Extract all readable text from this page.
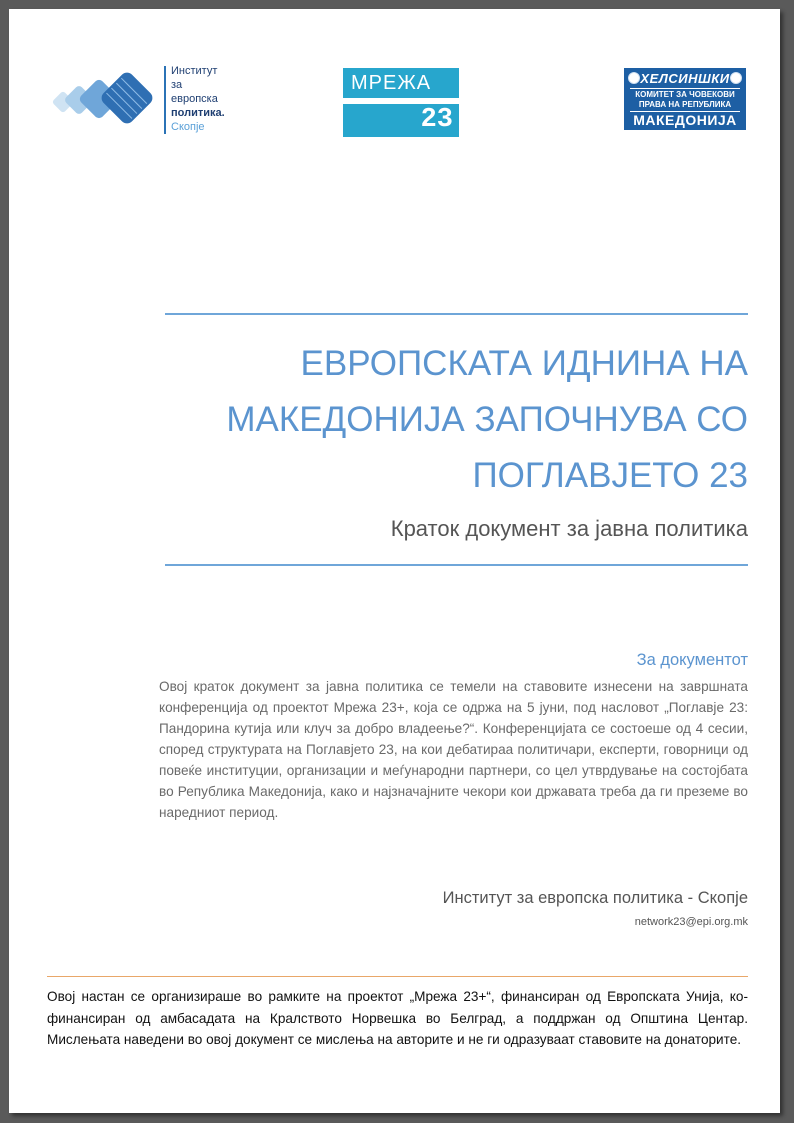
Институт
за
европска
политика.
Скопје
МРЕЖА
23
ХЕЛСИНШКИ
КОМИТЕТ ЗА ЧОВЕКОВИ
ПРАВА НА РЕПУБЛИКА
МАКЕДОНИЈА
ЕВРОПСКАТА ИДНИНА НА
МАКЕДОНИЈА ЗАПОЧНУВА СО
ПОГЛАВЈЕТО 23
Краток документ за јавна политика
За документот
Овој краток документ за јавна политика се темели на ставовите изнесени на завршната конференција од проектот Мрежа 23+, која се одржа на 5 јуни, под насловот „Поглавје 23: Пандорина кутија или клуч за добро владеење?“. Конференцијата се состоеше од 4 сесии, според структурата на Поглавјето 23, на кои дебатираа политичари, експерти, говорници од повеќе институции, организации и меѓународни партнери, со цел утврдување на состојбата во Република Македонија, како и најзначајните чекори кои државата треба да ги преземе во наредниот период.
Институт за европска политика - Скопје
network23@epi.org.mk
Овој настан се организираше во рамките на проектот „Мрежа 23+“, финансиран од Европската Унија, ко-финансиран од амбасадата на Кралството Норвешка во Белград, а поддржан од Општина Центар. Мислењата наведени во овој документ се мислења на авторите и не ги одразуваат ставовите на донаторите.
